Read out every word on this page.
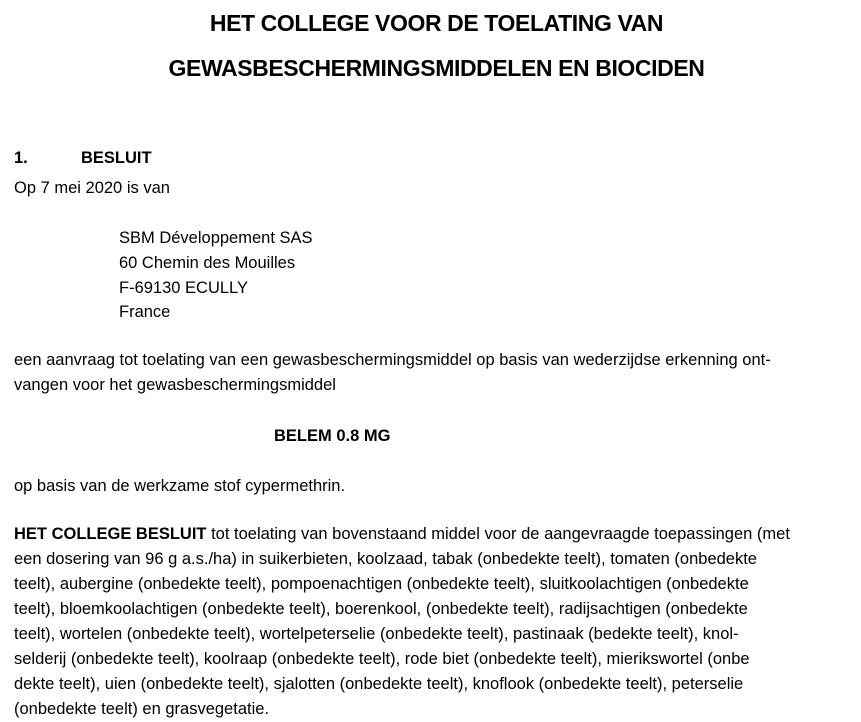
HET COLLEGE VOOR DE TOELATING VAN
GEWASBESCHERMINGSMIDDELEN EN BIOCIDEN
1.	BESLUIT
Op 7 mei 2020 is van
SBM Développement SAS
60 Chemin des Mouilles
F-69130 ECULLY
France
een aanvraag tot toelating van een gewasbeschermingsmiddel op basis van wederzijdse erkenning ont-
vangen voor het gewasbeschermingsmiddel
BELEM 0.8 MG
op basis van de werkzame stof cypermethrin.
HET COLLEGE BESLUIT tot toelating van bovenstaand middel voor de aangevraagde toepassingen (met
een dosering van 96 g a.s./ha) in suikerbieten, koolzaad, tabak (onbedekte teelt), tomaten (onbedekte
teelt), aubergine (onbedekte teelt), pompoenachtigen (onbedekte teelt), sluitkoolachtigen (onbedekte
teelt), bloemkoolachtigen (onbedekte teelt), boerenkool, (onbedekte teelt), radijsachtigen (onbedekte
teelt), wortelen (onbedekte teelt), wortelpeterselie (onbedekte teelt), pastinaak (bedekte teelt), knol-
selderij (onbedekte teelt), koolraap (onbedekte teelt), rode biet (onbedekte teelt), mierikswortel (onbe
dekte teelt), uien (onbedekte teelt), sjalotten (onbedekte teelt), knoflook (onbedekte teelt), peterselie
(onbedekte teelt) en grasvegetatie.
